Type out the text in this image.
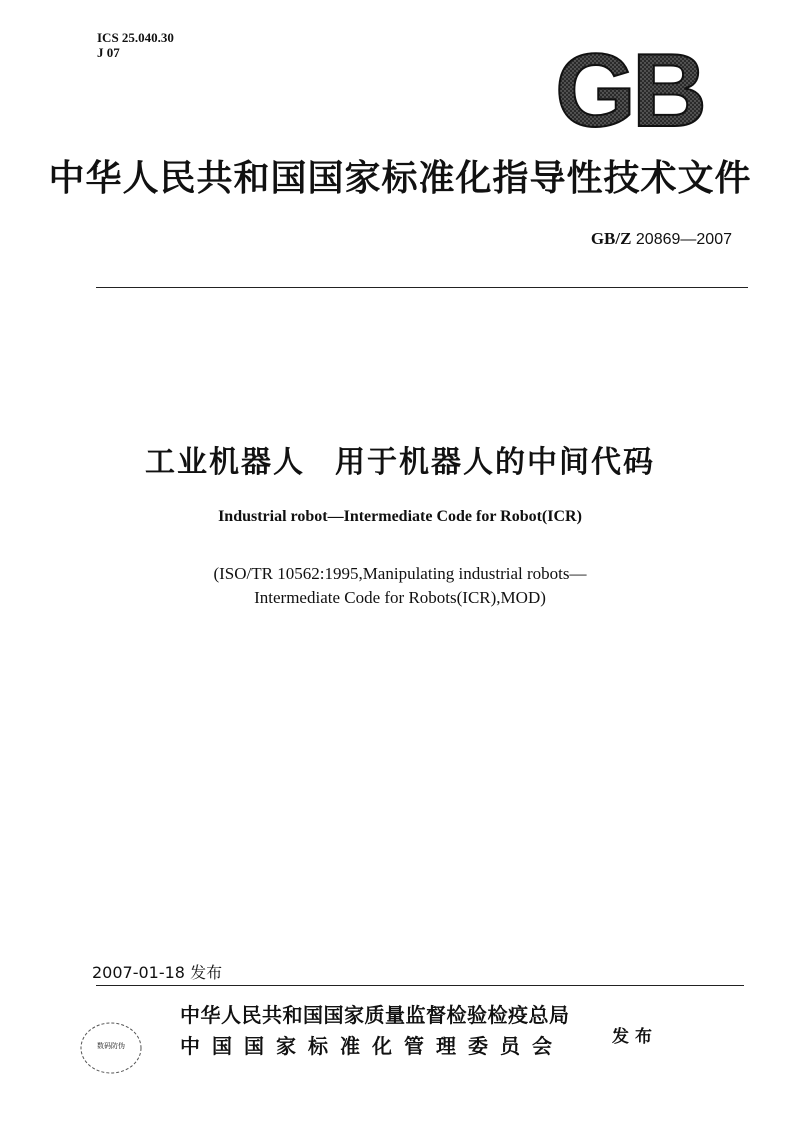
ICS 25.040.30
J 07	GB
中华人民共和国国家标准化指导性技术文件
GB/Z 20869—2007
工业机器人 用于机器人的中间代码
Industrial robot—Intermediate Code for Robot(ICR)
(ISO/TR 10562:1995,Manipulating industrial robots—
Intermediate Code for Robots(ICR),MOD)
2007-01-18 发布
数码防伪
中华人民共和国国家质量监督检验检疫总局
中国国家标准化管理委员会	发布
